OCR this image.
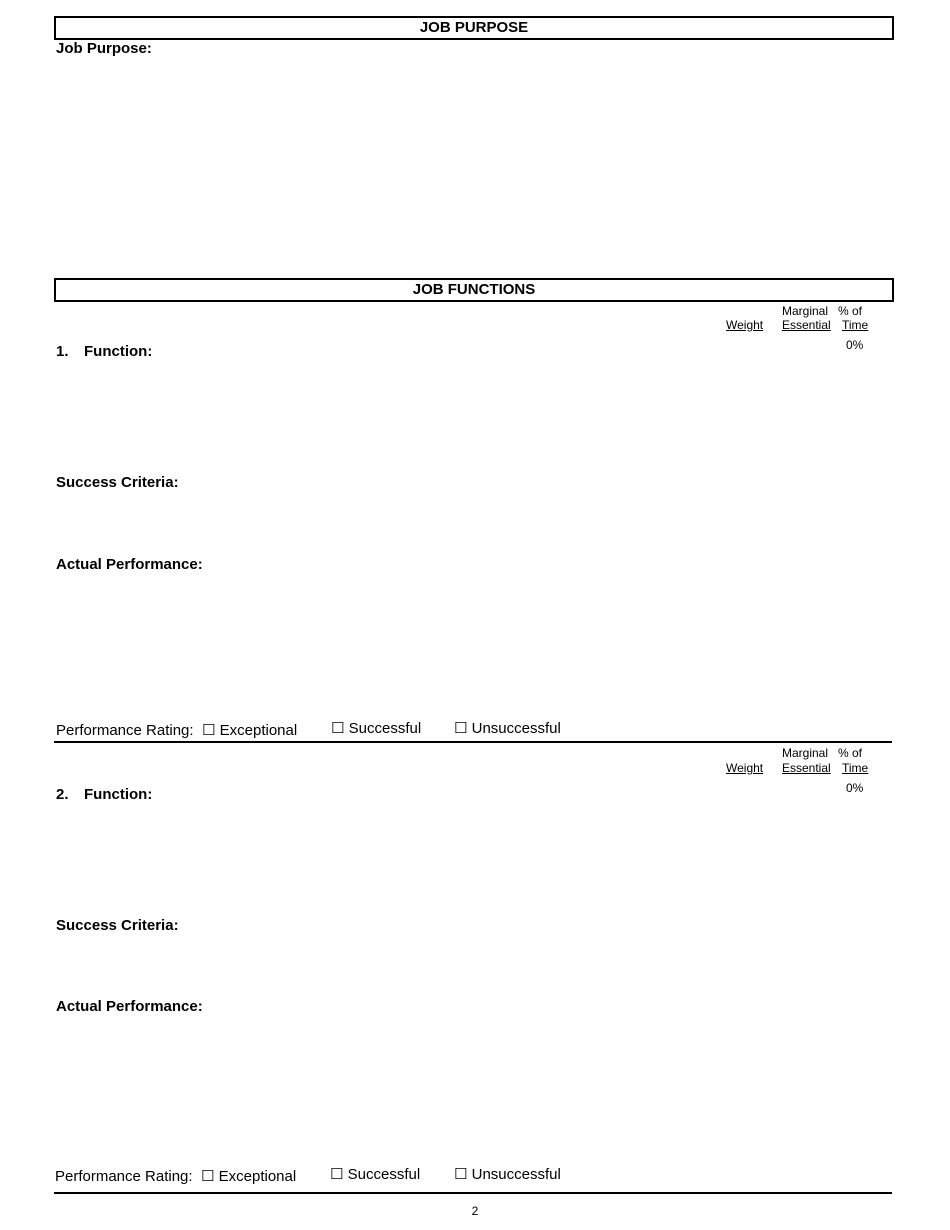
JOB PURPOSE
Job Purpose:
JOB FUNCTIONS
Marginal % of
Weight Essential Time
0%
1. Function:
Success Criteria:
Actual Performance:
Performance Rating: ☐ Exceptional ☐ Successful ☐ Unsuccessful
Marginal % of
Weight Essential Time
0%
2. Function:
Success Criteria:
Actual Performance:
Performance Rating: ☐ Exceptional ☐ Successful ☐ Unsuccessful
2
